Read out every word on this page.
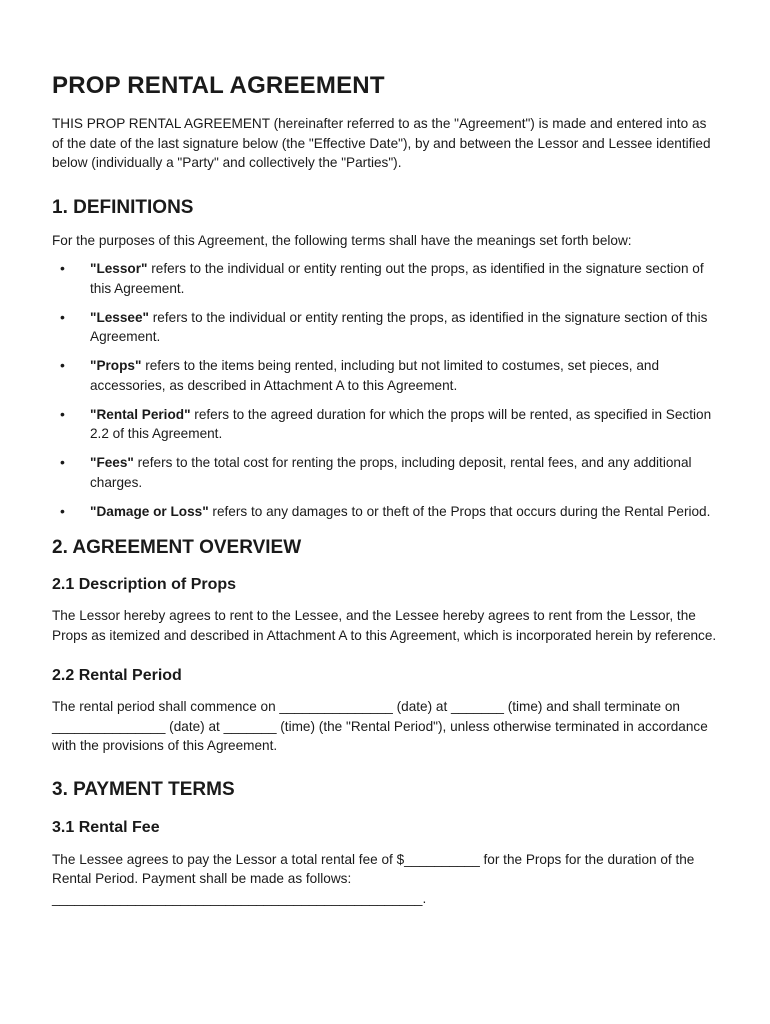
PROP RENTAL AGREEMENT

THIS PROP RENTAL AGREEMENT (hereinafter referred to as the "Agreement") is made and entered into as of the date of the last signature below (the "Effective Date"), by and between the Lessor and Lessee identified below (individually a "Party" and collectively the "Parties").

1. DEFINITIONS

For the purposes of this Agreement, the following terms shall have the meanings set forth below:

• "Lessor" refers to the individual or entity renting out the props, as identified in the signature section of this Agreement.
• "Lessee" refers to the individual or entity renting the props, as identified in the signature section of this Agreement.
• "Props" refers to the items being rented, including but not limited to costumes, set pieces, and accessories, as described in Attachment A to this Agreement.
• "Rental Period" refers to the agreed duration for which the props will be rented, as specified in Section 2.2 of this Agreement.
• "Fees" refers to the total cost for renting the props, including deposit, rental fees, and any additional charges.
• "Damage or Loss" refers to any damages to or theft of the Props that occurs during the Rental Period.
2. AGREEMENT OVERVIEW
2.1 Description of Props

The Lessor hereby agrees to rent to the Lessee, and the Lessee hereby agrees to rent from the Lessor, the Props as itemized and described in Attachment A to this Agreement, which is incorporated herein by reference.

2.2 Rental Period

The rental period shall commence on _______________ (date) at _______ (time) and shall terminate on _______________ (date) at _______ (time) (the "Rental Period"), unless otherwise terminated in accordance with the provisions of this Agreement.

3. PAYMENT TERMS
3.1 Rental Fee

The Lessee agrees to pay the Lessor a total rental fee of $__________ for the Props for the duration of the Rental Period. Payment shall be made as follows: _________________________________________________.
